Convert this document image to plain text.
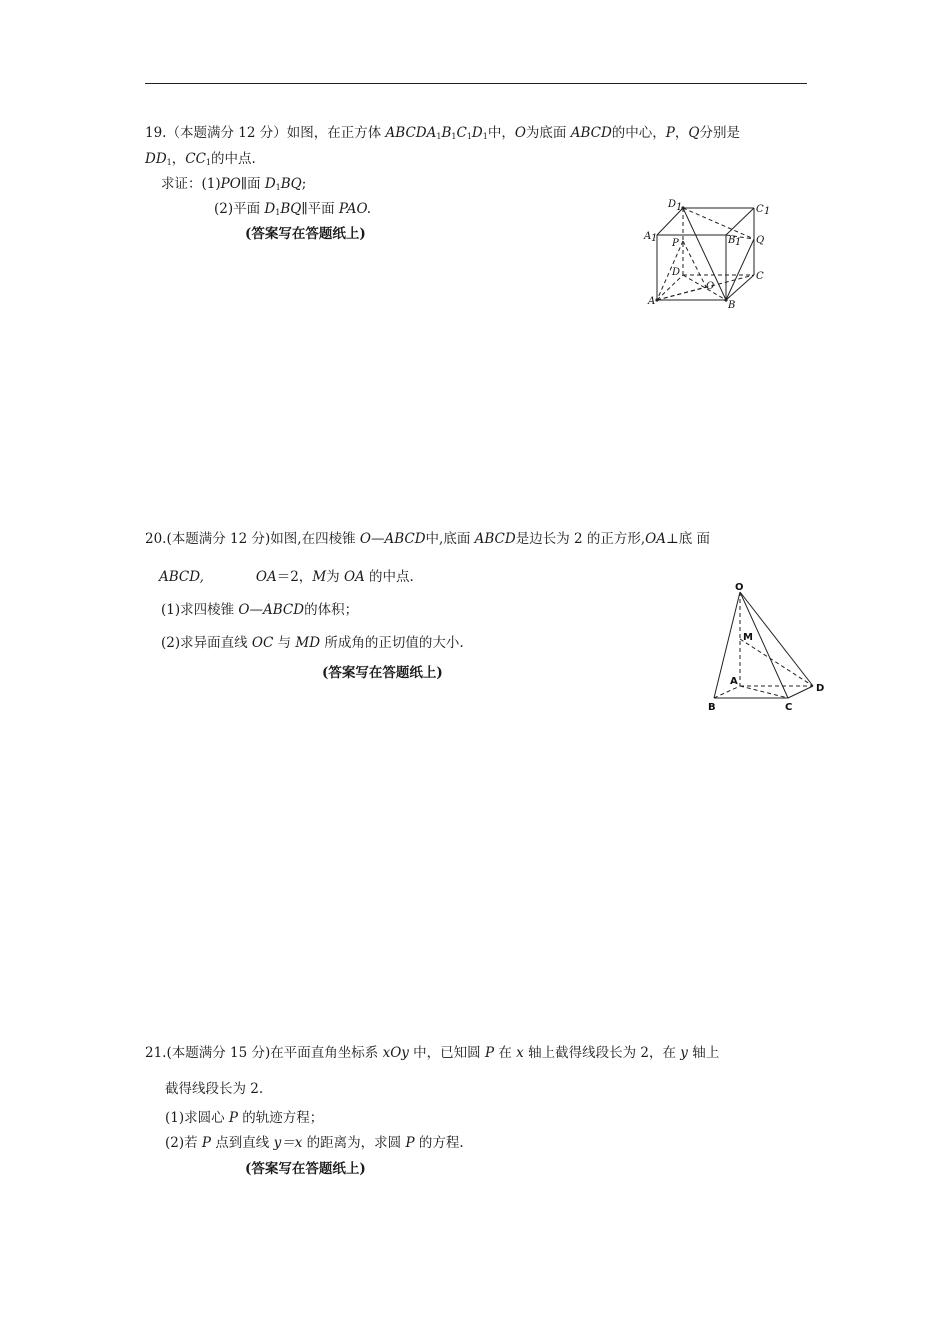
19.（本题满分 12 分）如图，在正方体 $ABCDA_1B_1C_1D_1$中，O为底面 ABCD的中心，P，Q分别是
$DD_1$，$CC_1$的中点.
求证：(1)PO∥面 $D_1BQ$;
(2)平面 $D_1BQ\parallel$平面 PAO.
(答案写在答题纸上)
D 1	C 1
A 1	B 1
P	Q
D	C
O
A	B
20.(本题满分 12 分)如图,在四棱锥 O—ABCD中,底面 ABCD是边长为 2 的正方形,OA⊥底 面
ABCD,	OA＝2，M为 OA 的中点.
(1)求四棱锥 O—ABCD的体积；
(2)求异面直线 OC 与 MD 所成角的正切值的大小.
(答案写在答题纸上)
O
M
A
B	C
D
21.(本题满分 15 分)在平面直角坐标系 xOy 中，已知圆 P 在 x 轴上截得线段长为 2，在 y 轴上
截得线段长为 2.
(1)求圆心 P 的轨迹方程；
(2)若 P 点到直线 y＝x 的距离为，求圆 P 的方程.
(答案写在答题纸上)
